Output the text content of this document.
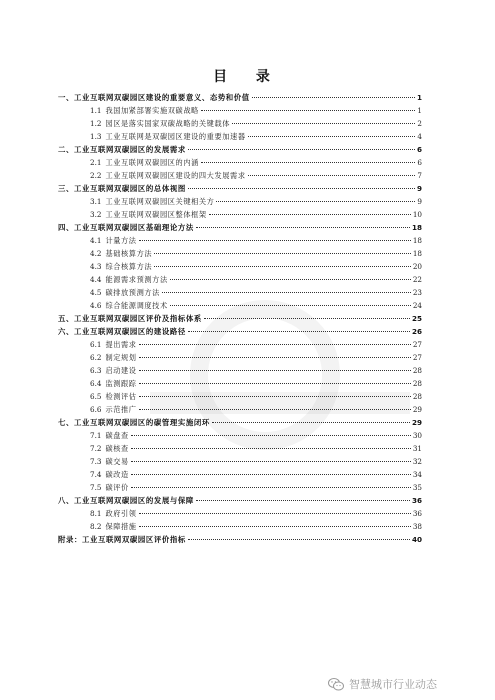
目 录
一、工业互联网双碳园区建设的重要意义、态势和价值	1
1.1 我国加紧部署实施双碳战略	1
1.2 园区是落实国家双碳战略的关键载体	2
1.3 工业互联网是双碳园区建设的重要加速器	4
二、工业互联网双碳园区的发展需求	6
2.1 工业互联网双碳园区的内涵	6
2.2 工业互联网双碳园区建设的四大发展需求	7
三、工业互联网双碳园区的总体视图	9
3.1 工业互联网双碳园区关键相关方	9
3.2 工业互联网双碳园区整体框架	10
四、工业互联网双碳园区基础理论方法	18
4.1 计量方法	18
4.2 基础核算方法	18
4.3 综合核算方法	20
4.4 能源需求预测方法	22
4.5 碳排放预测方法	23
4.6 综合能源调度技术	24
五、工业互联网双碳园区评价及指标体系	25
六、工业互联网双碳园区的建设路径	26
6.1 提出需求	27
6.2 制定规划	27
6.3 启动建设	28
6.4 监测跟踪	28
6.5 检测评估	28
6.6 示范推广	29
七、工业互联网双碳园区的碳管理实施闭环	29
7.1 碳盘查	30
7.2 碳核查	31
7.3 碳交易	32
7.4 碳改造	34
7.5 碳评价	35
八、工业互联网双碳园区的发展与保障	36
8.1 政府引领	36
8.2 保障措施	38
附录：工业互联网双碳园区评价指标	40
智慧城市行业动态
